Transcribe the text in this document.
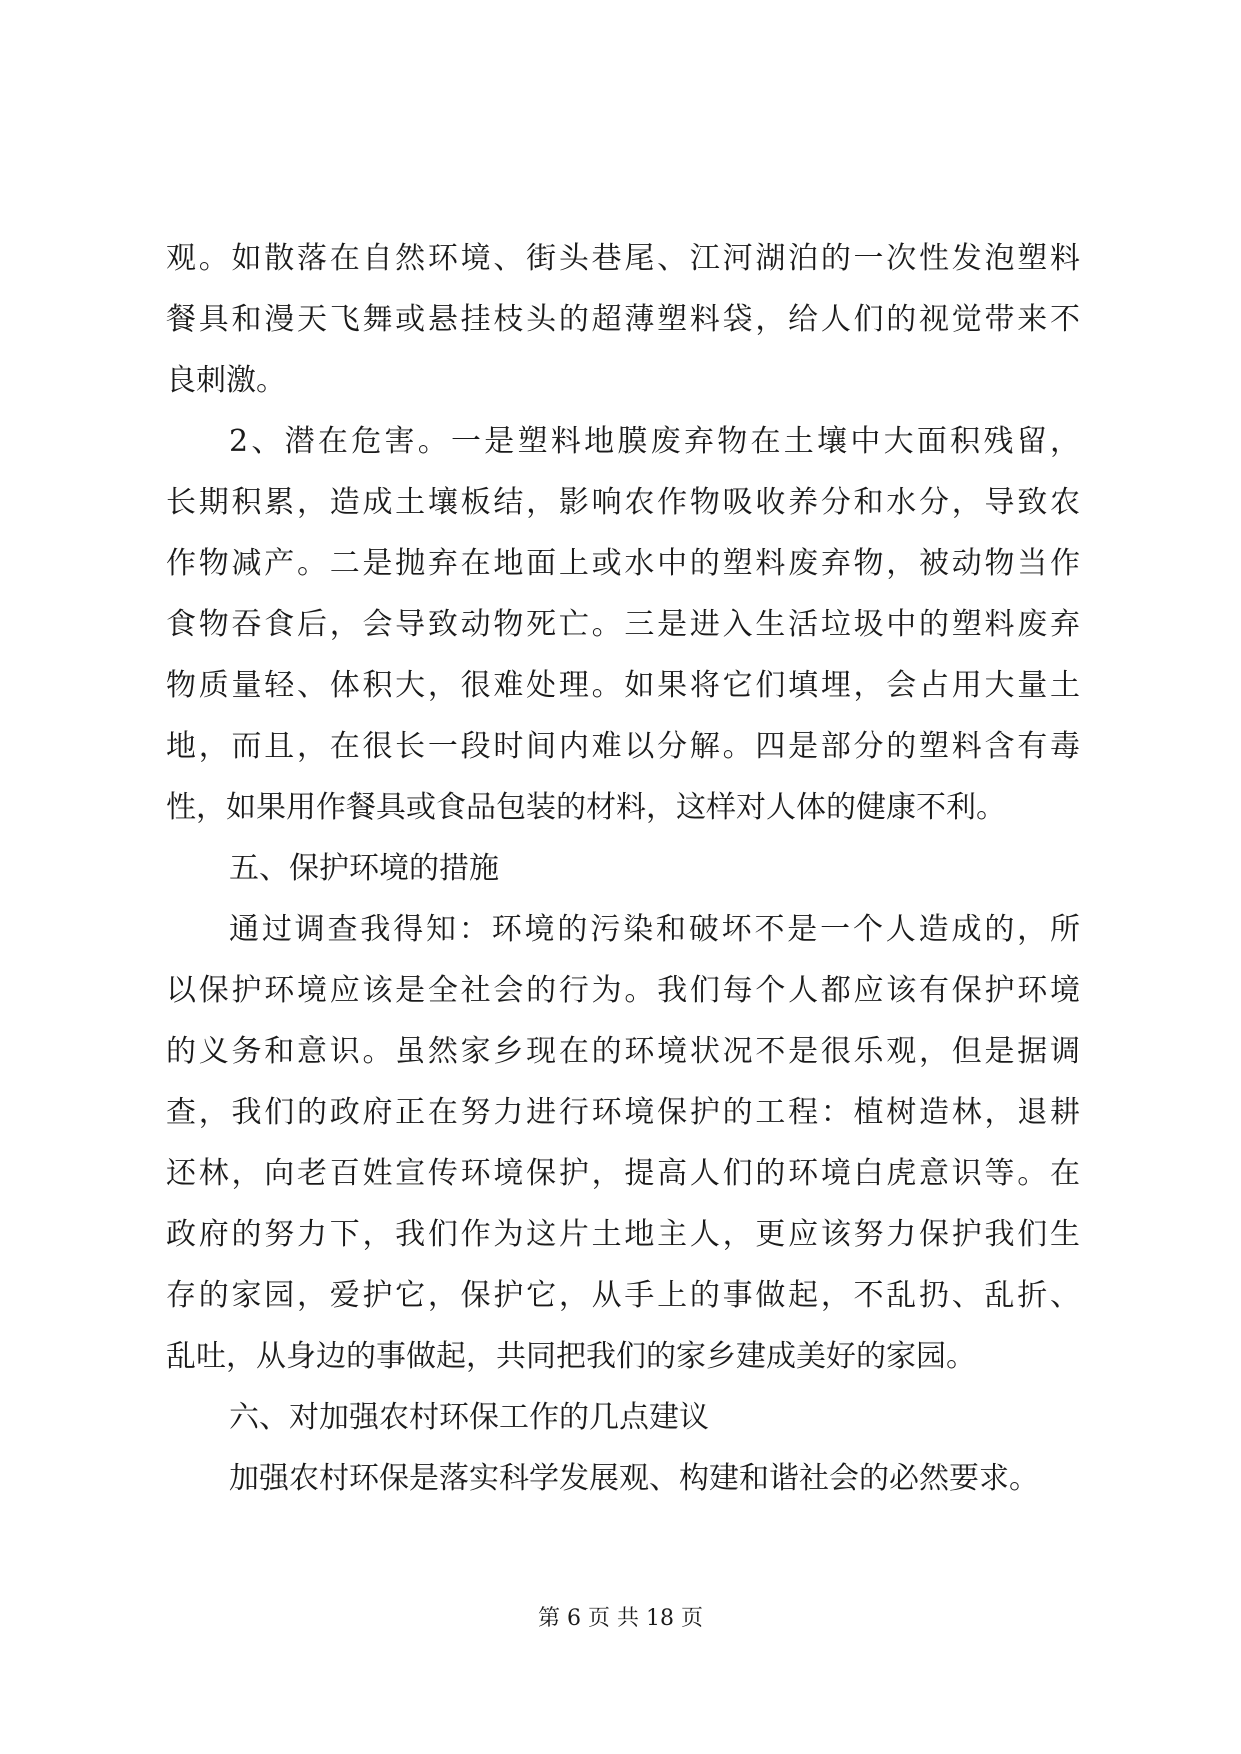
观。如散落在自然环境、街头巷尾、江河湖泊的一次性发泡塑料
餐具和漫天飞舞或悬挂枝头的超薄塑料袋，给人们的视觉带来不
良刺激。
2、潜在危害。一是塑料地膜废弃物在土壤中大面积残留，
长期积累，造成土壤板结，影响农作物吸收养分和水分，导致农
作物减产。二是抛弃在地面上或水中的塑料废弃物，被动物当作
食物吞食后，会导致动物死亡。三是进入生活垃圾中的塑料废弃
物质量轻、体积大，很难处理。如果将它们填埋，会占用大量土
地，而且，在很长一段时间内难以分解。四是部分的塑料含有毒
性，如果用作餐具或食品包装的材料，这样对人体的健康不利。
五、保护环境的措施
通过调查我得知：环境的污染和破坏不是一个人造成的，所
以保护环境应该是全社会的行为。我们每个人都应该有保护环境
的义务和意识。虽然家乡现在的环境状况不是很乐观，但是据调
查，我们的政府正在努力进行环境保护的工程：植树造林，退耕
还林，向老百姓宣传环境保护，提高人们的环境白虎意识等。在
政府的努力下，我们作为这片土地主人，更应该努力保护我们生
存的家园，爱护它，保护它，从手上的事做起，不乱扔、乱折、
乱吐，从身边的事做起，共同把我们的家乡建成美好的家园。
六、对加强农村环保工作的几点建议
加强农村环保是落实科学发展观、构建和谐社会的必然要求。
第 6 页 共 18 页
